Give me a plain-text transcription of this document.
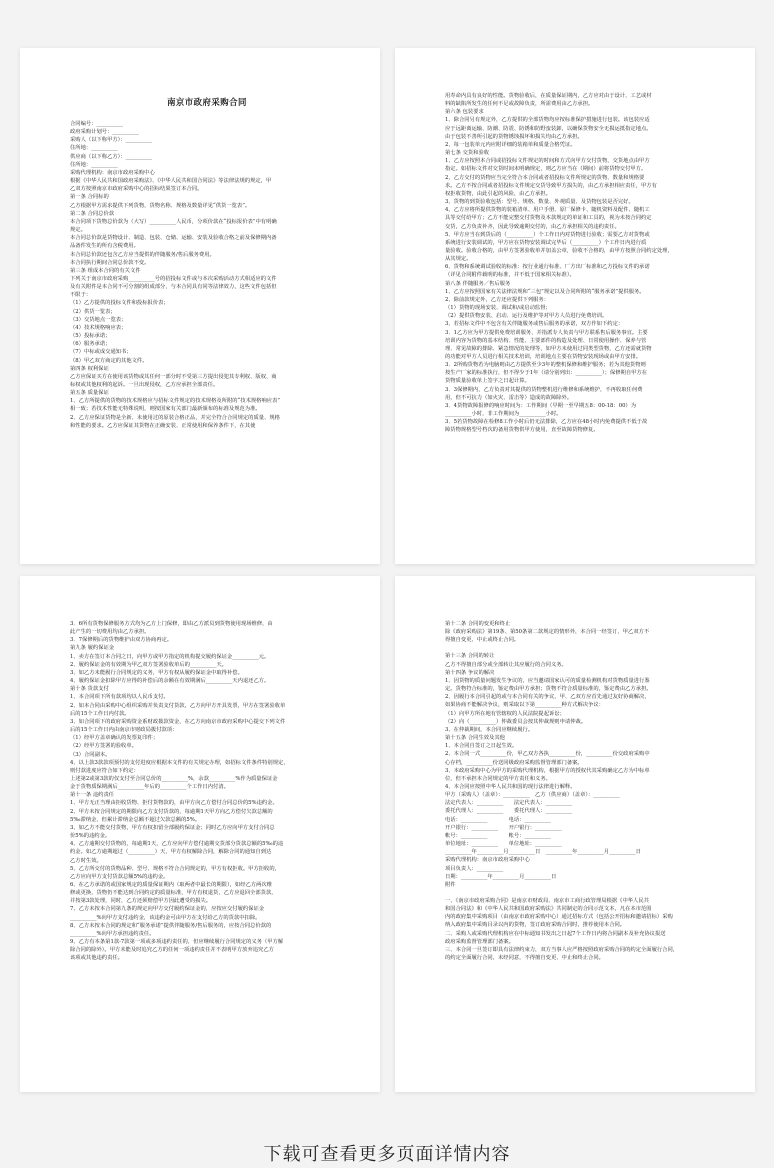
南京市政府采购合同
合同编号：__________
政府采购计划号：__________
采购人（以下称甲方）：__________
住所地：__________
供应商（以下称乙方）：__________
住所地：__________
采购代理机构：南京市政府采购中心
根据《中华人民共和国政府采购法》、《中华人民共和国合同法》等法律法规的规定，甲
乙双方按照南京市政府采购中心的招标结果签订本合同。
第一条 合同标的
乙方根据甲方需求提供下列货物，货物名称、规格及数量详见“供货一览表”。
第二条 合同总价款
本合同项下货物总价款为（大写）__________人民币，分项价款在“投标报价表”中有明确
规定。
本合同总价款是货物设计、制造、包装、仓储、运输、安装及验收合格之前及保修期内备
品备件发生的所有含税费用。
本合同总价款还包含乙方应当提供的伴随服务/售后服务费用。
本合同执行期间合同总价款不变。
第三条 组成本合同的有关文件
下列关于南京市政府采购__________号的招投标文件或与本次采购活动方式相适应的文件
及有关附件是本合同不可分割的组成部分，与本合同具有同等法律效力，这些文件包括但
不限于：
（1）乙方提供的投标文件和投标报价表；
（2）供货一览表；
（3）交货地点一览表；
（4）技术规格响应表；
（5）投标承诺；
（6）服务承诺；
（7）中标或成交通知书；
（8）甲乙双方商定的其他文件。
第四条 权利保证
乙方应保证买方在使用该货物或其任何一部分时不受第三方提出侵犯其专利权、版权、商
标权或其他权利的起诉。一旦出现侵权，乙方应承担全部责任。
第五条 质量保证
1、乙方所提供的货物的技术规格应与招标文件规定的技术规格及所附的“技术规格响应表”
相一致；若技术性能无特殊说明，则按国家有关部门最新颁布的标准及规范为准。
2、乙方应保证货物是全新、未使用过的原装合格正品，并完全符合合同规定的质量、规格
和性能的要求。乙方应保证其货物在正确安装、正常使用和保养条件下，在其使
用寿命内具有良好的性能。货物验收后，在质量保证期内，乙方应对由于设计、工艺或材
料的缺陷所发生的任何不足或故障负责，所需费用由乙方承担。
第六条 包装要求
1、除合同另有规定外，乙方提供的全部货物均应按标准保护措施进行包装。该包装应适
应于远距离运输、防潮、防震、防锈和防野蛮装卸，以确保货物安全无损运抵指定地点。
由于包装不善所引起的货物锈蚀损坏和损失均由乙方承担。
2、每一包装单元内应附详细的装箱单和质量合格凭证。
第七条 交货和验收
1、乙方应按照本合同或招投标文件规定的时间和方式向甲方交付货物，交货地点由甲方
指定。如招标文件对交货时间未明确规定，则乙方应当在（期间）前将货物交付甲方。
2、乙方交付的货物应当完全符合本合同或者招投标文件所规定的货物、数量和规格要
求。乙方不按合同或者招投标文件规定交货导致甲方损失的，由乙方承担相应责任，甲方有
权拒收货物，由此引起的风险，由乙方承担。
3、货物的到货验收包括：型号、规格、数量、外观质量、及货物包装是否完好。
4、乙方应将所提供货物的装箱清单、用户手册、原厂保修卡、随机资料及配件、随机工
具等交付给甲方；乙方不能完整交付货物及本款规定的单证和工具的，视为未按合同约定
交货，乙方负责补齐，因此导致逾期交付的，由乙方承担相关的违约责任。
5、甲方应当在到货后的（__________）个工作日内对货物进行验收；需要乙方对货物或
系统进行安装调试的，甲方应在货物安装调试完毕后（__________）个工作日内进行质
量验收。验收合格的，由甲方签署验收单并加盖公章，验收不合格的，由甲方按照合同约定处理，
从其规定。
6、货物和系统调试验收的标准：按行业通行标准、厂方出厂标准和乙方投标文件的承诺
（详见合同附件载明的标准，并不低于国家相关标准）。
第八条 伴随服务／售后服务
1、乙方应按照国家有关法律法规和“三包”规定以及合同所附的“服务承诺”提供服务。
2、除前款规定外，乙方还应提供下列服务：
（1）货物的现场安装、调试和/或启动监督；
（2）提供货物安装、启动、运行及维护等对甲方人员进行免费培训。
3、若招标文件中不包含有关伴随服务或售后服务的承诺，双方作如下约定：
3．1乙方应为甲方提供免费培训服务，并指派专人负责与甲方联系售后服务事宜。主要
培训内容为货物的基本结构、性能、主要部件的构造及处理、日常使用操作、保养与管
理、常见故障的排除、紧急情况的处理等，如甲方未使用过同类型货物，乙方还需就货物
的功能对甲方人员进行相关技术培训，培训地点主要在货物安装现场或由甲方安排。
3．2所购货物若为电脑则由乙方提供至少3年的整机保修和维护服务；若为其他货物则
按生产厂家的标准执行，但不得少于1年（请分别列出：__________）；保修期自甲方在
货物质量验收单上签字之日起计算。
3．3保修期内，乙方负责对其提供的货物整机进行维修和系统维护，不再收取任何费
用，但不可抗力（如火灾、雷击等）造成的故障除外。
3．4货物故障报修的响应时间为：工作期间（早期一至早期五8：00-18：00）为
__________小时，非工作期间为__________小时。
3．5若货物故障在检修8工作小时后仍无法排除，乙方应在48小时内免费提供不低于故
障货物规格型号档次的备用货物供甲方使用，直至故障货物修复。
3．6所有货物保修服务方式均为乙方上门保修，即由乙方派员到货物使用现场维修，由
此产生的一切费用均由乙方承担。
3．7保修期后的货物维护由双方协商再定。
第九条 履约保证金
1、卖方在签订本合同之日，向甲方或甲方指定的机构提交履约保证金__________元。
2、履约保证金的有效期为甲乙双方签署验收单后的__________天。
3、如乙方未能履行合同规定的义务，甲方有权从履约保证金中取得补偿。
4、履约保证金扣除甲方应得的补偿后的余额在有效期满后__________天内退还乙方。
第十条 货款支付
1、本合同项下所有款项均以人民币支付。
2、如本合同由采购中心组织采购并负责支付货款，乙方向甲方开具发票，甲方在签署验收单
后的15个工作日内付款。
3、如合同项下的政府采购资金系财政拨款资金，在乙方向南京市政府采购中心提交下列文件
后的15个工作日内由南京市财政局拨付款项：
（1）经甲方盖章确认的发票复印件；
（2）经甲方签署的验收单。
（3）合同副本。
4、以上款3款款项预付的支付进度应根据本文件的有关规定办理，如招标文件条件特别规定，
则付款进度应符合如下约定：
上述第2或第3款的仅支付至合同总价的__________%，余款__________%作为质量保证金
金于货物质保期满后__________年后的__________个工作日内付清。
第十一条 违约责任
1、甲方无正当理由拒收货物、拒付货物款的，由甲方向乙方偿付合同总价的5%违约金。
2、甲方未按合同规定的期限向乙方支付货款的，每逾期1天甲方向乙方偿付欠款总额的
5‰滞纳金，但累计滞纳金总额不超过欠款总额的5%。
3、如乙方不能交付货物，甲方有权扣留全部履约保证金；同时乙方应向甲方支付合同总
价5%的违约金。
4、乙方逾期交付货物的，每逾期1天，乙方应向甲方偿付逾期交货部分货款总额的5‰的违
约金。如乙方逾期超过（__________）天，甲方有权解除合同，解除合同的通知自到达
乙方时生效。
5、乙方所交付的货物品种、型号、规格不符合合同规定的，甲方有权拒收。甲方拒收的，
乙方应向甲方支付货款总额5%的违约金。
6、在乙方承诺的或国家规定的质量保证期内（取两者中最长的期限），如经乙方两次维
修或更换，货物仍不能达到合同约定的质量标准，甲方有权退货，乙方应退回全部货款，
并按第3款处理，同时，乙方还须赔偿甲方因此遭受的损失。
7、乙方未按本合同第九条的规定向甲方交付履约保证金的，应按应交付履约保证金
__________%向甲方支付违约金，该违约金可由甲方在支付给乙方的货款中扣除。
8、乙方未按本合同的规定和“服务承诺”提供伴随服务/售后服务的，应按合同总价款的
__________%向甲方承担违约责任。
9、乙方有本条第1款-7款第一项或多项违约责任的，但应继续履行合同规定的义务（甲方解
除合同的除外）。甲方未能及时追究乙方的任何一项违约责任并不表明甲方放弃追究乙方
该项或其他违约责任。
第十二条 合同的变更和终止
除《政府采购法》第19条、第50条第二款规定的情形外，本合同一经签订，甲乙双方不
得擅自变更、中止或终止合同。
第十三条 合同的转让
乙方不得擅自部分或全部转让其应履行的合同义务。
第十四条 争议的解决
1、因货物的质量问题发生争议的，应当邀请国家认可的质量检测机构对货物质量进行鉴
定。货物符合标准的，鉴定费由甲方承担；货物不符合质量标准的，鉴定费由乙方承担。
2、因履行本合同引起的或与本合同有关的争议，甲、乙双方应首先通过友好协商解决，
如果协商不能解决争议，则采取以下第__________种方式解决争议：
（1）向甲方所在地有管辖权的人民法院提起诉讼；
（2）向（__________）仲裁委员会按其仲裁规则申请仲裁。
3、在仲裁期间，本合同应继续履行。
第十五条 合同生效及其他
1、本合同自签订之日起生效。
2、本合同一式__________份，甲乙双方各执__________份，__________份交政府采购中
心存档，__________份送同级政府采购监督管理部门备案。
3、本政府采购中心为甲方的采购代理机构，根据甲方的授权代其采购确定乙方为中标单
位，但不承担本合同规定的甲方责任和义务。
4、本合同应按照中华人民共和国的现行法律进行解释。
甲方（采购人）（盖章）：__________　乙方（供应商）（盖章）：__________
法定代表人：__________　　法定代表人：__________
委托代理人：__________　　委托代理人：__________
电话：__________　　　　电话：__________
开户银行：__________　　开户银行：__________
帐号：__________　　　　帐号：__________
单位地址：__________　　单位地址：__________
__________年__________月__________日　__________年__________月__________日
采购代理机构：南京市政府采购中心
项目负责人：__________
日期：__________年__________月__________日
附件
一、《南京市政府采购合同》是南京市财政局、南京市工商行政管理局根据《中华人民共
和国合同法》和《中华人民共和国政府采购法》共同制定的合同示范文本，凡在本市范围
内的政府集中采购项目（由南京市政府采购中心）通过招标方式（包括公开招标和邀请招标）采购
纳入政府集中采购目录以内的货物，签订政府采购合同时，推荐使用本合同。
二、采购人或采购代理机构应在中标通知书发出之日起7个工作日内将合同副本及补充协议报送
政府采购监督管理部门备案。
三、本合同一旦签订即具有法律约束力，双方当事人应严格按照政府采购合同的约定全面履行合同，
的约定全面履行合同，未经同意，不得擅自变更、中止和终止合同。
下载可查看更多页面详情内容
